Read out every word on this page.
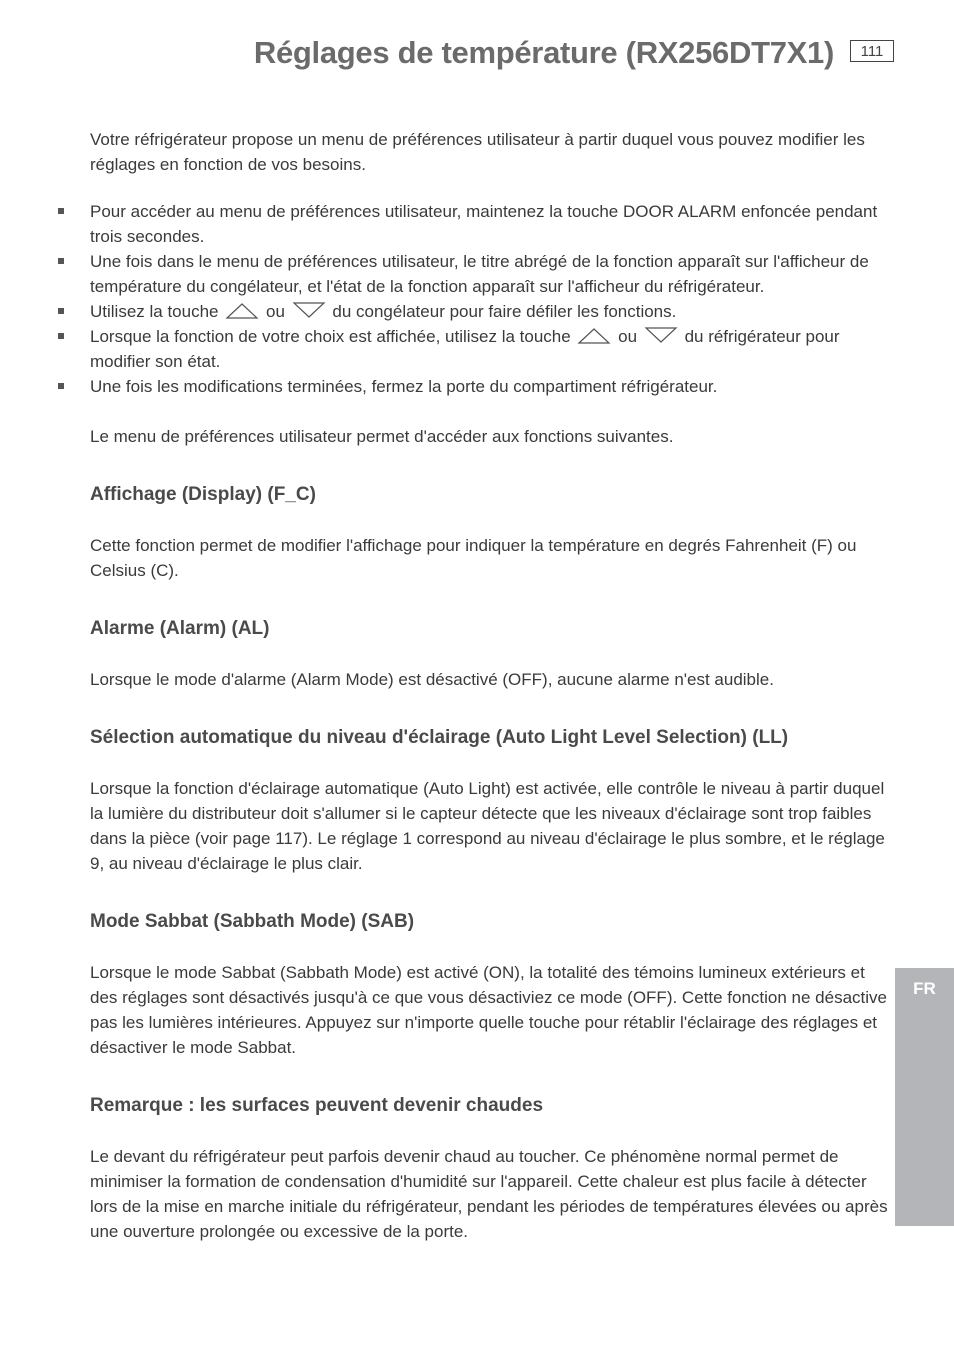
Réglages de température (RX256DT7X1)	111
FR

Votre réfrigérateur propose un menu de préférences utilisateur à partir duquel vous pouvez modifier les réglages en fonction de vos besoins.

Pour accéder au menu de préférences utilisateur, maintenez la touche DOOR ALARM enfoncée pendant trois secondes.
Une fois dans le menu de préférences utilisateur, le titre abrégé de la fonction apparaît sur l'afficheur de température du congélateur, et l'état de la fonction apparaît sur l'afficheur du réfrigérateur.
Utilisez la touche	ou	du congélateur pour faire défiler les fonctions.
Lorsque la fonction de votre choix est affichée, utilisez la touche	ou	du réfrigérateur pour modifier son état.
Une fois les modifications terminées, fermez la porte du compartiment réfrigérateur.

Le menu de préférences utilisateur permet d'accéder aux fonctions suivantes.

Affichage (Display) (F_C)

Cette fonction permet de modifier l'affichage pour indiquer la température en degrés Fahrenheit (F) ou Celsius (C).

Alarme (Alarm) (AL)

Lorsque le mode d'alarme (Alarm Mode) est désactivé (OFF), aucune alarme n'est audible.

Sélection automatique du niveau d'éclairage (Auto Light Level Selection) (LL)

Lorsque la fonction d'éclairage automatique (Auto Light) est activée, elle contrôle le niveau à partir duquel la lumière du distributeur doit s'allumer si le capteur détecte que les niveaux d'éclairage sont trop faibles dans la pièce (voir page 117). Le réglage 1 correspond au niveau d'éclairage le plus sombre, et le réglage 9, au niveau d'éclairage le plus clair.

Mode Sabbat (Sabbath Mode) (SAB)

Lorsque le mode Sabbat (Sabbath Mode) est activé (ON), la totalité des témoins lumineux extérieurs et des réglages sont désactivés jusqu'à ce que vous désactiviez ce mode (OFF). Cette fonction ne désactive pas les lumières intérieures. Appuyez sur n'importe quelle touche pour rétablir l'éclairage des réglages et désactiver le mode Sabbat.

Remarque : les surfaces peuvent devenir chaudes

Le devant du réfrigérateur peut parfois devenir chaud au toucher. Ce phénomène normal permet de minimiser la formation de condensation d'humidité sur l'appareil. Cette chaleur est plus facile à détecter lors de la mise en marche initiale du réfrigérateur, pendant les périodes de températures élevées ou après une ouverture prolongée ou excessive de la porte.
